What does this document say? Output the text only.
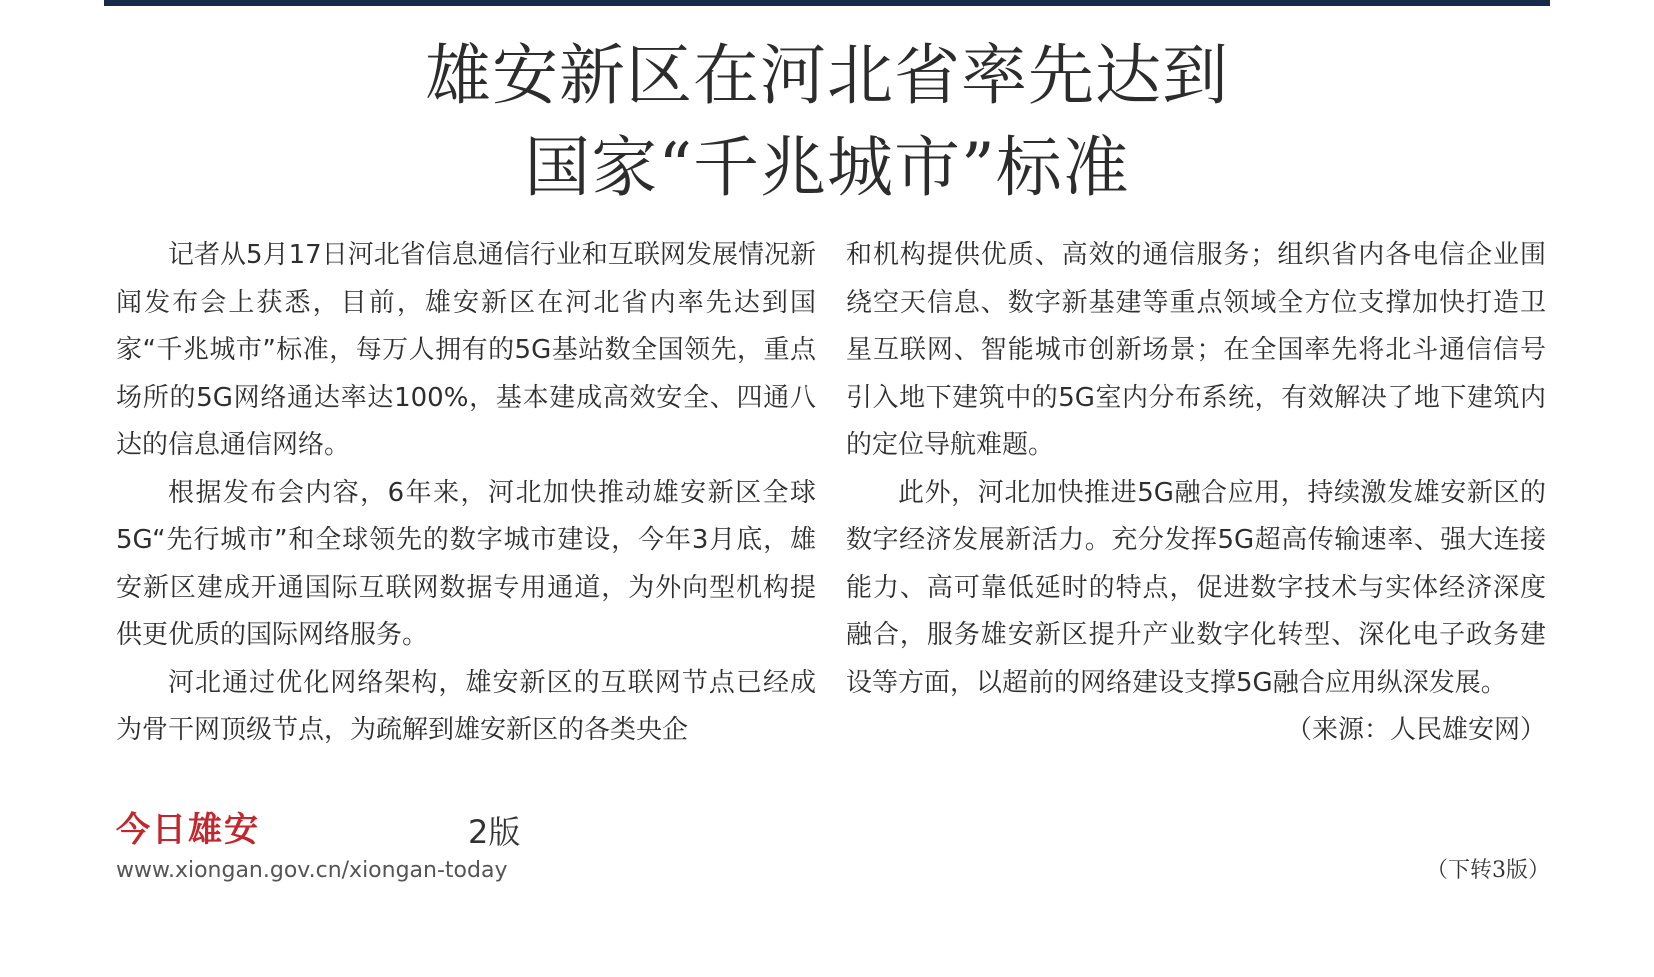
雄安新区在河北省率先达到
国家“千兆城市”标准

记者从5月17日河北省信息通信行业和互联网发展情况新闻发布会上获悉，目前，雄安新区在河北省内率先达到国家“千兆城市”标准，每万人拥有的5G基站数全国领先，重点场所的5G网络通达率达100%，基本建成高效安全、四通八达的信息通信网络。

根据发布会内容，6年来，河北加快推动雄安新区全球5G“先行城市”和全球领先的数字城市建设，今年3月底，雄安新区建成开通国际互联网数据专用通道，为外向型机构提供更优质的国际网络服务。

河北通过优化网络架构，雄安新区的互联网节点已经成为骨干网顶级节点，为疏解到雄安新区的各类央企

和机构提供优质、高效的通信服务；组织省内各电信企业围绕空天信息、数字新基建等重点领域全方位支撑加快打造卫星互联网、智能城市创新场景；在全国率先将北斗通信信号引入地下建筑中的5G室内分布系统，有效解决了地下建筑内的定位导航难题。

此外，河北加快推进5G融合应用，持续激发雄安新区的数字经济发展新活力。充分发挥5G超高传输速率、强大连接能力、高可靠低延时的特点，促进数字技术与实体经济深度融合，服务雄安新区提升产业数字化转型、深化电子政务建设等方面，以超前的网络建设支撑5G融合应用纵深发展。
（来源：人民雄安网）

今日雄安	2版
www.xiongan.gov.cn/xiongan-today	（下转3版）
